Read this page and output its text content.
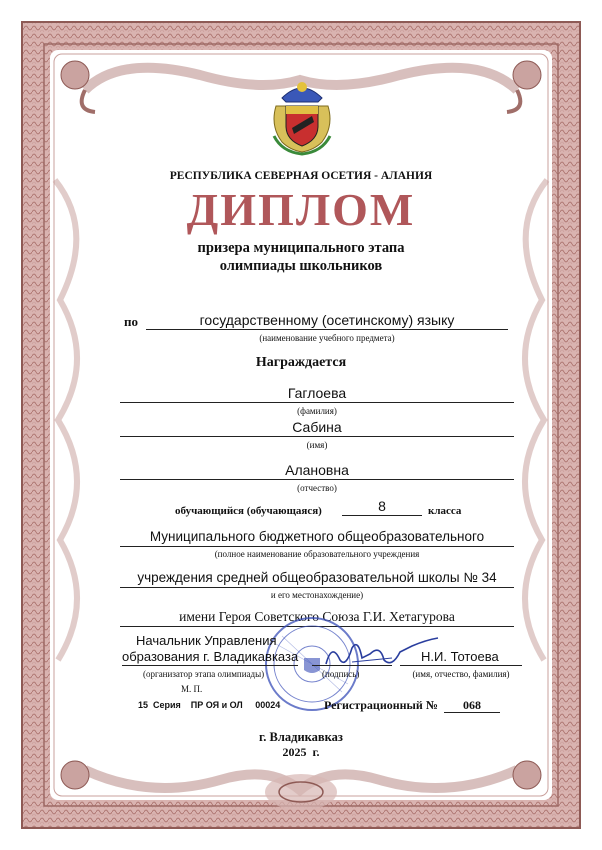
РЕСПУБЛИКА СЕВЕРНАЯ ОСЕТИЯ - АЛАНИЯ
ДИПЛОМ
призера муниципального этапа
олимпиады школьников
по	государственному (осетинскому) языку
(наименование учебного предмета)
Награждается
Гаглоева
(фамилия)
Сабина
(имя)
Алановна
(отчество)
обучающийся (обучающаяся)	8	класса
Муниципального бюджетного общеобразовательного
(полное наименование образовательного учреждения
учреждения средней общеобразовательной школы № 34
и его местонахождение)
имени Героя Советского Союза Г.И. Хетагурова
Начальник Управления
образования г. Владикавказа
(организатор этапа олимпиады)	(подпись)
Н.И. Тотоева
(имя, отчество, фамилия)
М. П.
15  Серия    ПР ОЯ и ОЛ     00024	Регистрационный №	068
г. Владикавказ
2025  г.
